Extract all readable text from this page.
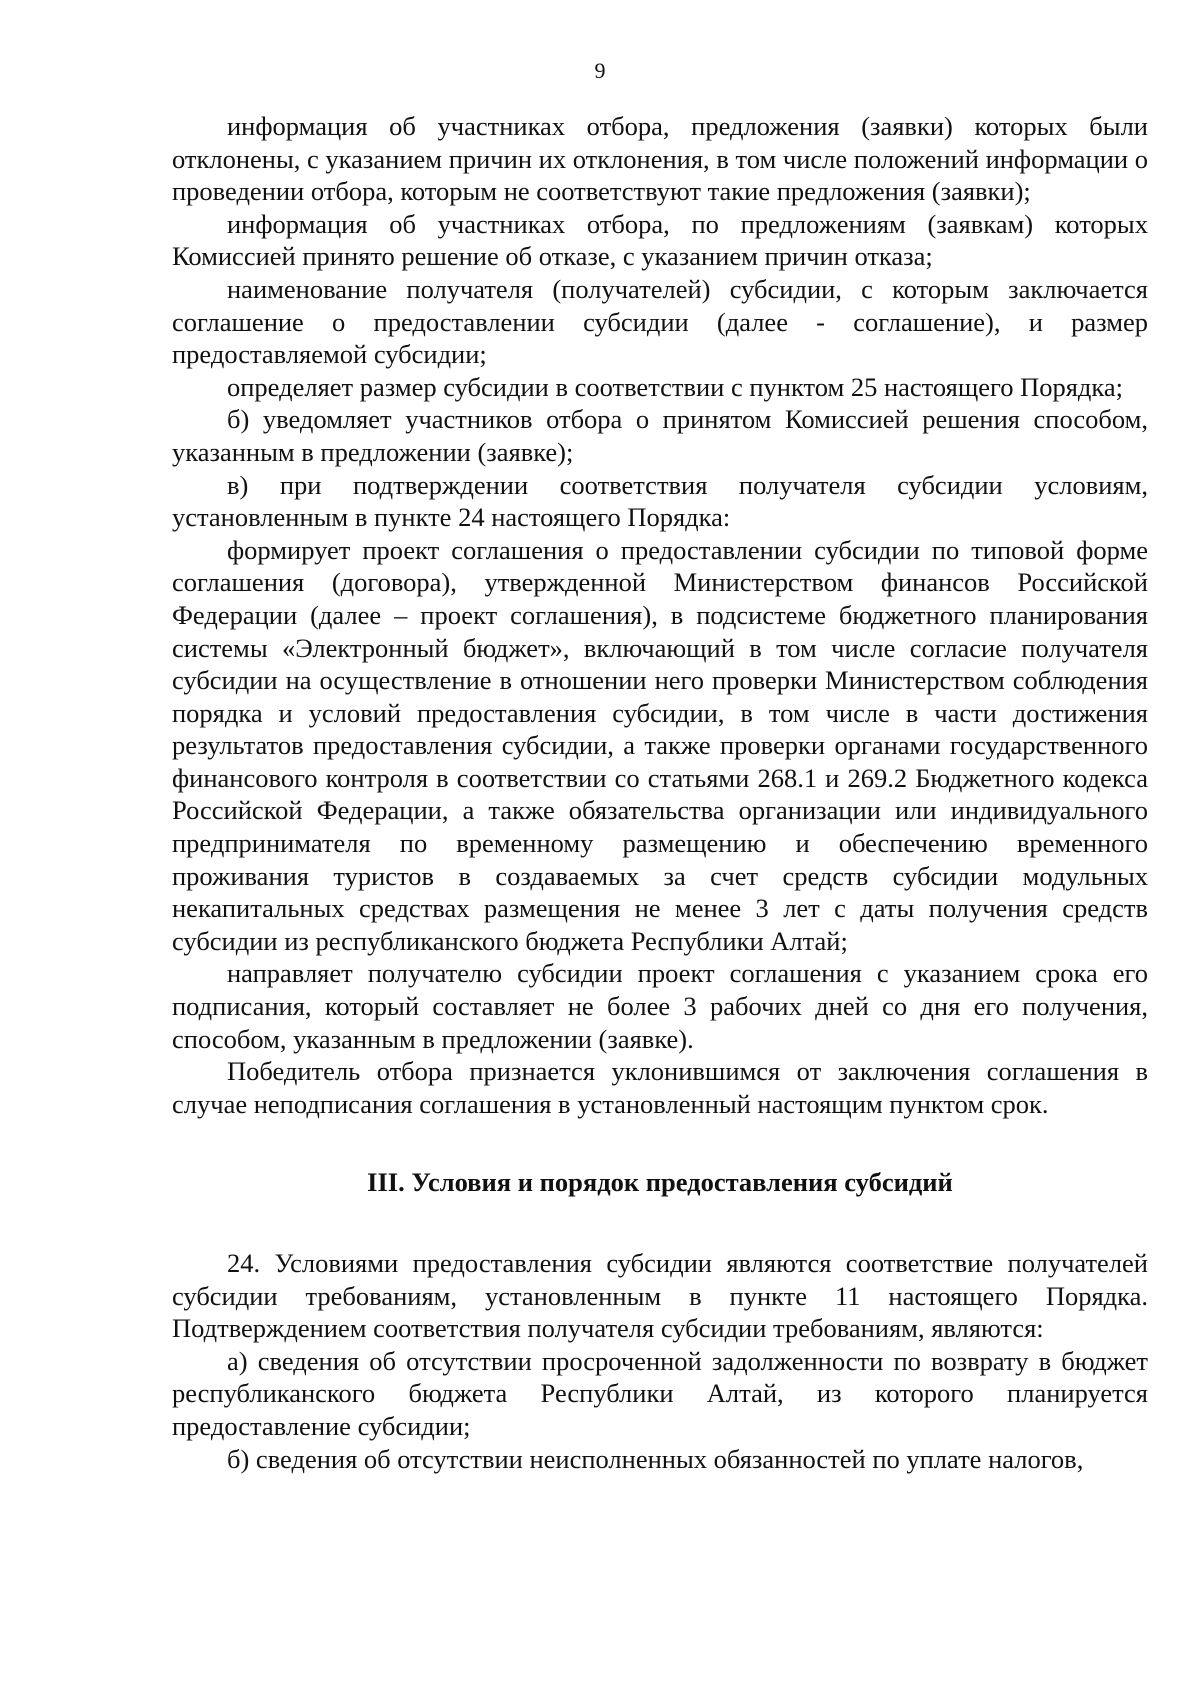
9

информация об участниках отбора, предложения (заявки) которых были отклонены, с указанием причин их отклонения, в том числе положений информации о проведении отбора, которым не соответствуют такие предложения (заявки);

информация об участниках отбора, по предложениям (заявкам) которых Комиссией принято решение об отказе, с указанием причин отказа;

наименование получателя (получателей) субсидии, с которым заключается соглашение о предоставлении субсидии (далее - соглашение), и размер предоставляемой субсидии;

определяет размер субсидии в соответствии с пунктом 25 настоящего Порядка;

б) уведомляет участников отбора о принятом Комиссией решения способом, указанным в предложении (заявке);

в) при подтверждении соответствия получателя субсидии условиям, установленным в пункте 24 настоящего Порядка:

формирует проект соглашения о предоставлении субсидии по типовой форме соглашения (договора), утвержденной Министерством финансов Российской Федерации (далее – проект соглашения), в подсистеме бюджетного планирования системы «Электронный бюджет», включающий в том числе согласие получателя субсидии на осуществление в отношении него проверки Министерством соблюдения порядка и условий предоставления субсидии, в том числе в части достижения результатов предоставления субсидии, а также проверки органами государственного финансового контроля в соответствии со статьями 268.1 и 269.2 Бюджетного кодекса Российской Федерации, а также обязательства организации или индивидуального предпринимателя по временному размещению и обеспечению временного проживания туристов в создаваемых за счет средств субсидии модульных некапитальных средствах размещения не менее 3 лет с даты получения средств субсидии из республиканского бюджета Республики Алтай;

направляет получателю субсидии проект соглашения с указанием срока его подписания, который составляет не более 3 рабочих дней со дня его получения, способом, указанным в предложении (заявке).

Победитель отбора признается уклонившимся от заключения соглашения в случае неподписания соглашения в установленный настоящим пунктом срок.

III. Условия и порядок предоставления субсидий

24. Условиями предоставления субсидии являются соответствие получателей субсидии требованиям, установленным в пункте 11 настоящего Порядка. Подтверждением соответствия получателя субсидии требованиям, являются:

а) сведения об отсутствии просроченной задолженности по возврату в бюджет республиканского бюджета Республики Алтай, из которого планируется предоставление субсидии;

б) сведения об отсутствии неисполненных обязанностей по уплате налогов,
